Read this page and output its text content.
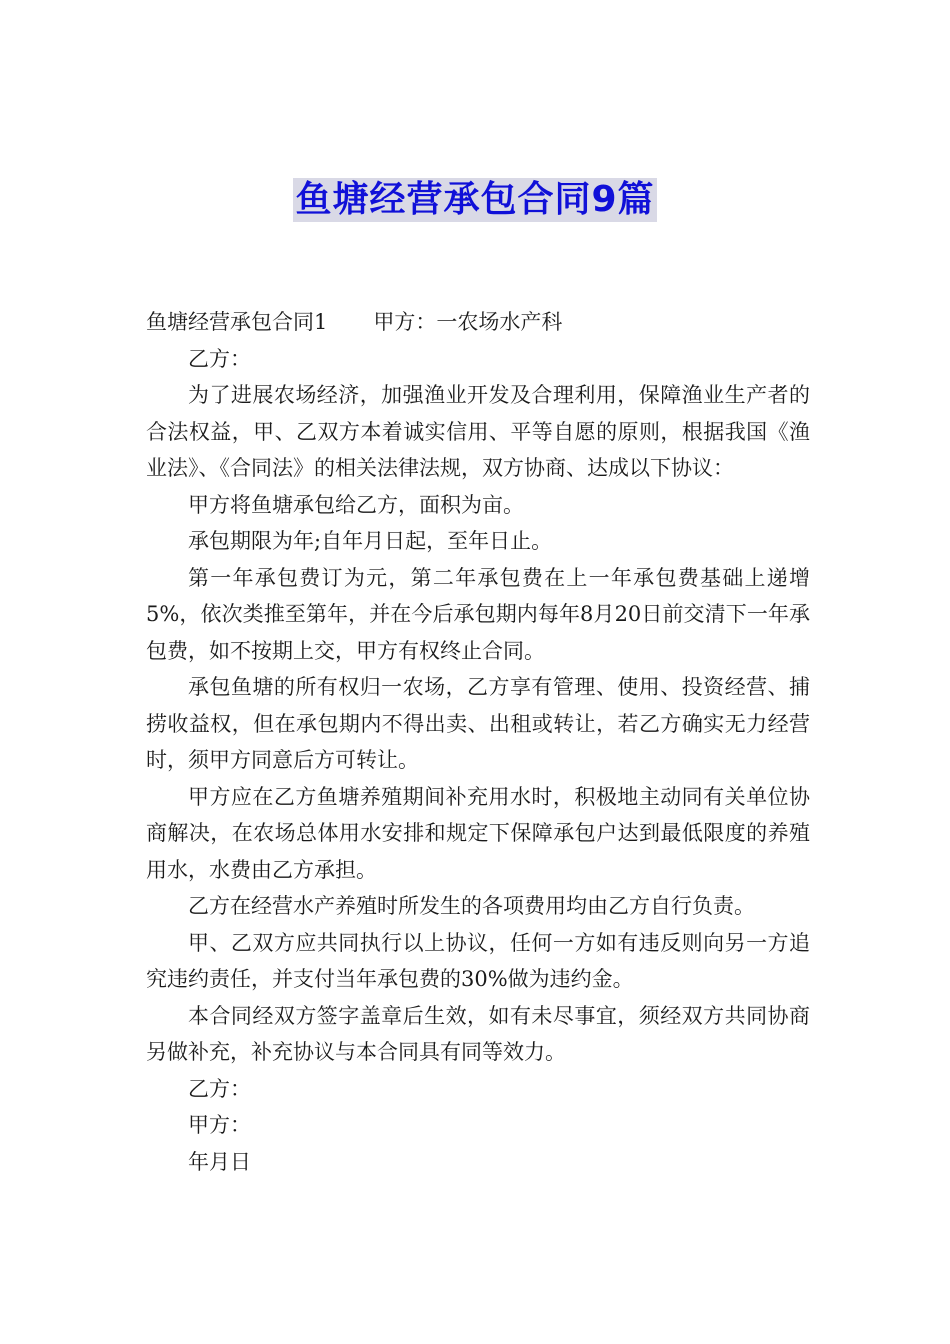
鱼塘经营承包合同9篇

鱼塘经营承包合同1 甲方：一农场水产科

乙方：

为了进展农场经济，加强渔业开发及合理利用，保障渔业生产者的合法权益，甲、乙双方本着诚实信用、平等自愿的原则，根据我国《渔业法》、《合同法》的相关法律法规，双方协商、达成以下协议：

甲方将鱼塘承包给乙方，面积为亩。

承包期限为年;自年月日起，至年日止。

第一年承包费订为元，第二年承包费在上一年承包费基础上递增5%，依次类推至第年，并在今后承包期内每年8月20日前交清下一年承包费，如不按期上交，甲方有权终止合同。

承包鱼塘的所有权归一农场，乙方享有管理、使用、投资经营、捕捞收益权，但在承包期内不得出卖、出租或转让，若乙方确实无力经营时，须甲方同意后方可转让。

甲方应在乙方鱼塘养殖期间补充用水时，积极地主动同有关单位协商解决，在农场总体用水安排和规定下保障承包户达到最低限度的养殖用水，水费由乙方承担。

乙方在经营水产养殖时所发生的各项费用均由乙方自行负责。

甲、乙双方应共同执行以上协议，任何一方如有违反则向另一方追究违约责任，并支付当年承包费的30%做为违约金。

本合同经双方签字盖章后生效，如有未尽事宜，须经双方共同协商另做补充，补充协议与本合同具有同等效力。

乙方：

甲方：

年月日
